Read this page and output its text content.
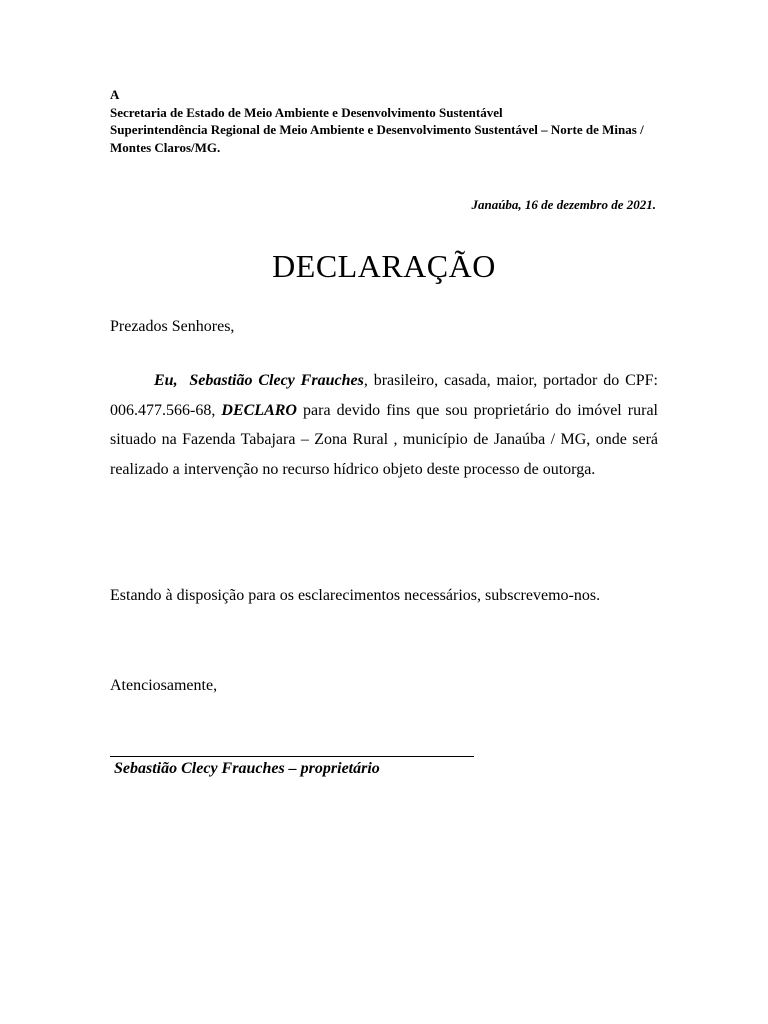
A
Secretaria de Estado de Meio Ambiente e Desenvolvimento Sustentável
Superintendência Regional de Meio Ambiente e Desenvolvimento Sustentável – Norte de Minas / Montes Claros/MG.
Janaúba, 16 de dezembro de 2021.
DECLARAÇÃO
Prezados Senhores,

Eu, Sebastião Clecy Frauches, brasileiro, casada, maior, portador do CPF: 006.477.566-68, DECLARO para devido fins que sou proprietário do imóvel rural situado na Fazenda Tabajara – Zona Rural , município de Janaúba / MG, onde será realizado a intervenção no recurso hídrico objeto deste processo de outorga.

Estando à disposição para os esclarecimentos necessários, subscrevemo-nos.

Atenciosamente,
Sebastião Clecy Frauches – proprietário
